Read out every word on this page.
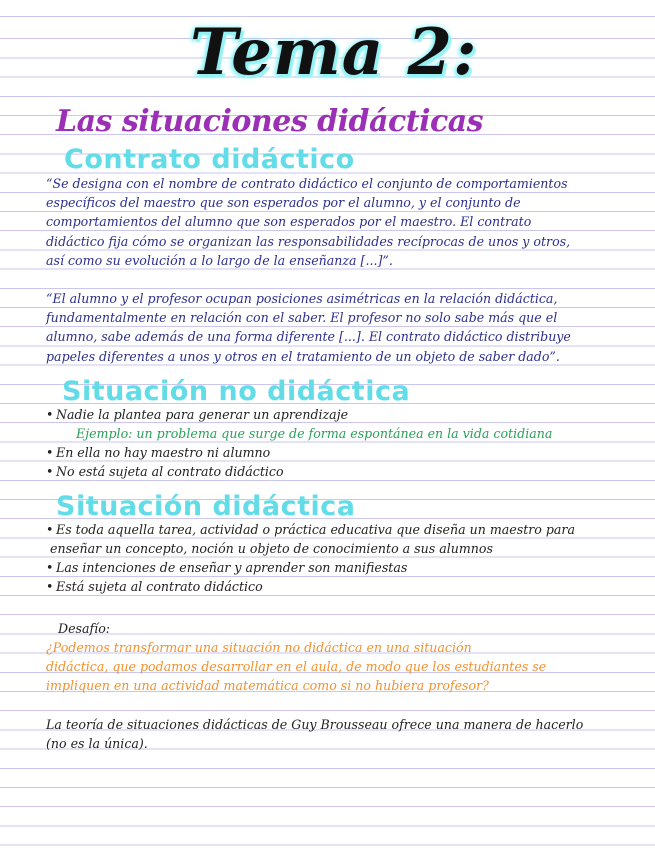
Tema 2:
Las situaciones didácticas
Contrato didáctico
“Se designa con el nombre de contrato didáctico el conjunto de comportamientos
específicos del maestro que son esperados por el alumno, y el conjunto de
comportamientos del alumno que son esperados por el maestro. El contrato
didáctico fija cómo se organizan las responsabilidades recíprocas de unos y otros,
así como su evolución a lo largo de la enseñanza [...]”.
“El alumno y el profesor ocupan posiciones asimétricas en la relación didáctica,
fundamentalmente en relación con el saber. El profesor no solo sabe más que el
alumno, sabe además de una forma diferente [...]. El contrato didáctico distribuye
papeles diferentes a unos y otros en el tratamiento de un objeto de saber dado”.
Situación no didáctica
• Nadie la plantea para generar un aprendizaje
Ejemplo: un problema que surge de forma espontánea en la vida cotidiana
• En ella no hay maestro ni alumno
• No está sujeta al contrato didáctico
Situación didáctica
• Es toda aquella tarea, actividad o práctica educativa que diseña un maestro para
enseñar un concepto, noción u objeto de conocimiento a sus alumnos
• Las intenciones de enseñar y aprender son manifiestas
• Está sujeta al contrato didáctico
Desafío:
¿Podemos transformar una situación no didáctica en una situación
didáctica, que podamos desarrollar en el aula, de modo que los estudiantes se
impliquen en una actividad matemática como si no hubiera profesor?
La teoría de situaciones didácticas de Guy Brousseau ofrece una manera de hacerlo
(no es la única).
